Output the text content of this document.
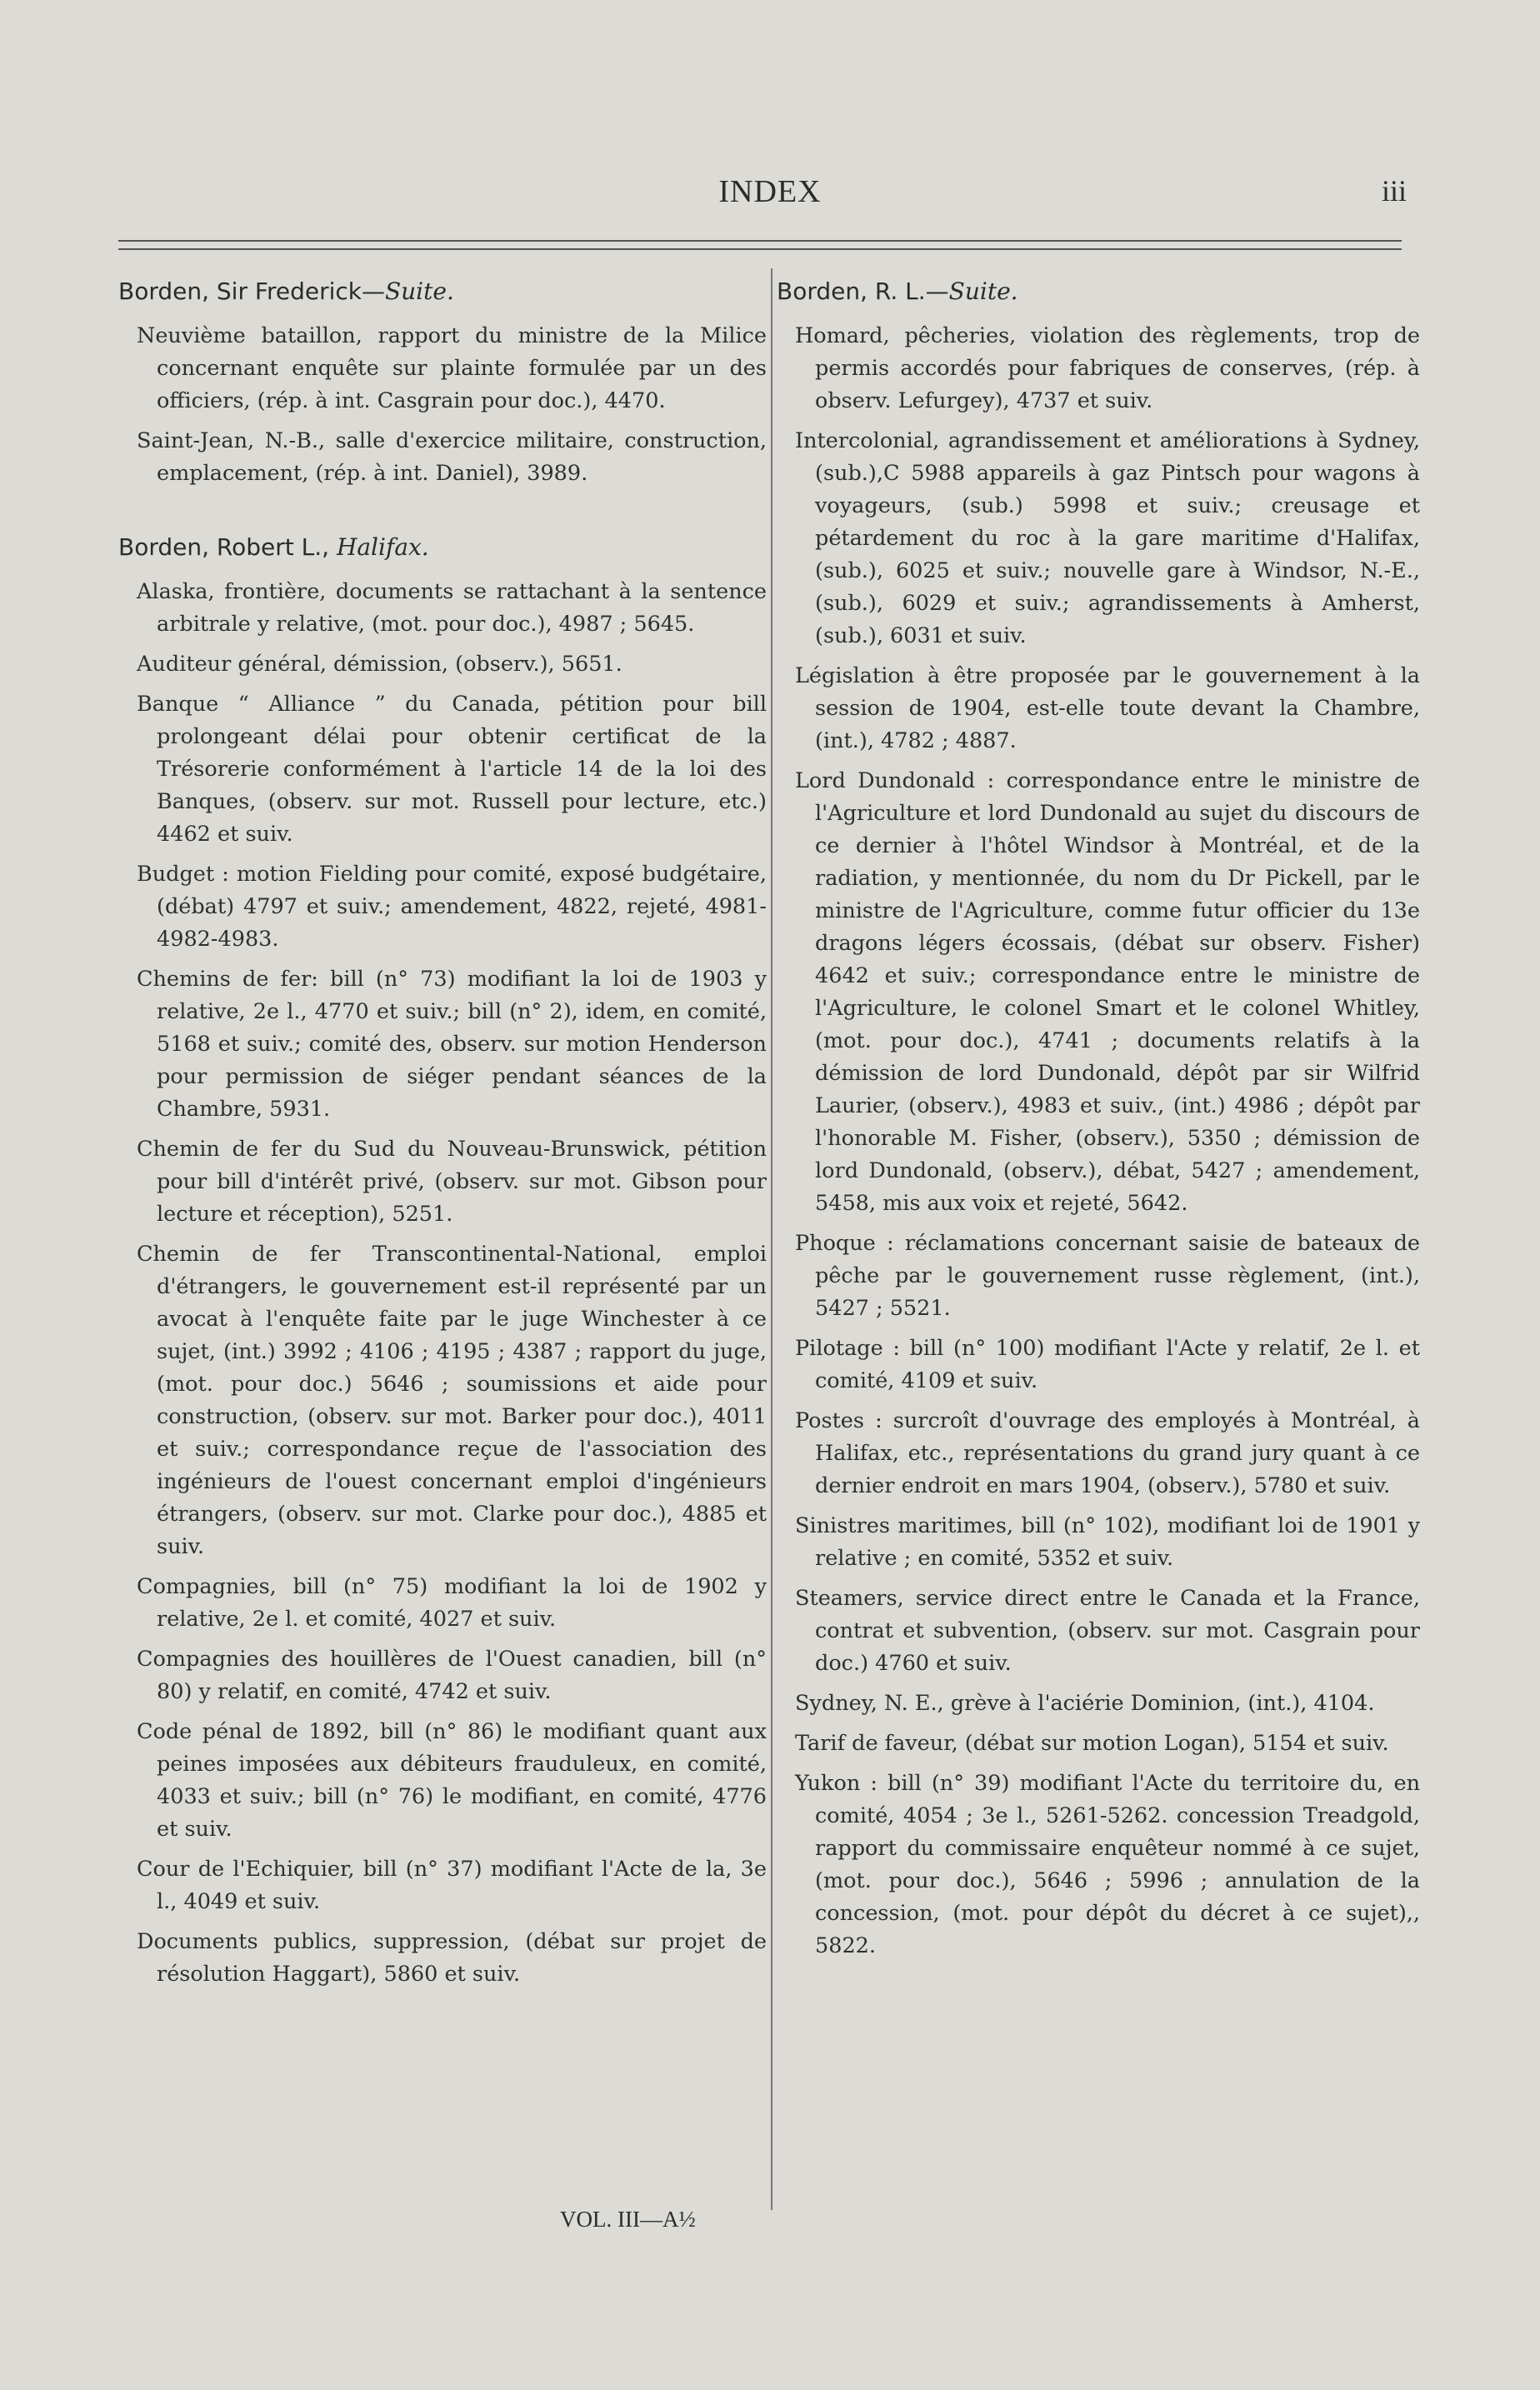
INDEX	iii
Borden, Sir Frederick—Suite.

Neuvième bataillon, rapport du ministre de la Milice concernant enquête sur plainte formulée par un des officiers, (rép. à int. Casgrain pour doc.), 4470.

Saint-Jean, N.-B., salle d'exercice militaire, construction, emplacement, (rép. à int. Daniel), 3989.

Borden, Robert L., Halifax.

Alaska, frontière, documents se rattachant à la sentence arbitrale y relative, (mot. pour doc.), 4987 ; 5645.

Auditeur général, démission, (observ.), 5651.

Banque “ Alliance ” du Canada, pétition pour bill prolongeant délai pour obtenir certificat de la Trésorerie conformément à l'article 14 de la loi des Banques, (observ. sur mot. Russell pour lecture, etc.) 4462 et suiv.

Budget : motion Fielding pour comité, exposé budgétaire, (débat) 4797 et suiv.; amendement, 4822, rejeté, 4981-4982-4983.

Chemins de fer: bill (n° 73) modifiant la loi de 1903 y relative, 2e l., 4770 et suiv.; bill (n° 2), idem, en comité, 5168 et suiv.; comité des, observ. sur motion Henderson pour permission de siéger pendant séances de la Chambre, 5931.

Chemin de fer du Sud du Nouveau-Brunswick, pétition pour bill d'intérêt privé, (observ. sur mot. Gibson pour lecture et réception), 5251.

Chemin de fer Transcontinental-National, emploi d'étrangers, le gouvernement est-il représenté par un avocat à l'enquête faite par le juge Winchester à ce sujet, (int.) 3992 ; 4106 ; 4195 ; 4387 ; rapport du juge, (mot. pour doc.) 5646 ; soumissions et aide pour construction, (observ. sur mot. Barker pour doc.), 4011 et suiv.; correspondance reçue de l'association des ingénieurs de l'ouest concernant emploi d'ingénieurs étrangers, (observ. sur mot. Clarke pour doc.), 4885 et suiv.

Compagnies, bill (n° 75) modifiant la loi de 1902 y relative, 2e l. et comité, 4027 et suiv.

Compagnies des houillères de l'Ouest canadien, bill (n° 80) y relatif, en comité, 4742 et suiv.

Code pénal de 1892, bill (n° 86) le modifiant quant aux peines imposées aux débiteurs frauduleux, en comité, 4033 et suiv.; bill (n° 76) le modifiant, en comité, 4776 et suiv.

Cour de l'Echiquier, bill (n° 37) modifiant l'Acte de la, 3e l., 4049 et suiv.

Documents publics, suppression, (débat sur projet de résolution Haggart), 5860 et suiv.

Borden, R. L.—Suite.

Homard, pêcheries, violation des règlements, trop de permis accordés pour fabriques de conserves, (rép. à observ. Lefurgey), 4737 et suiv.

Intercolonial, agrandissement et améliorations à Sydney, (sub.),C 5988 appareils à gaz Pintsch pour wagons à voyageurs, (sub.) 5998 et suiv.; creusage et pétardement du roc à la gare maritime d'Halifax, (sub.), 6025 et suiv.; nouvelle gare à Windsor, N.-E., (sub.), 6029 et suiv.; agrandissements à Amherst, (sub.), 6031 et suiv.

Législation à être proposée par le gouvernement à la session de 1904, est-elle toute devant la Chambre, (int.), 4782 ; 4887.

Lord Dundonald : correspondance entre le ministre de l'Agriculture et lord Dundonald au sujet du discours de ce dernier à l'hôtel Windsor à Montréal, et de la radiation, y mentionnée, du nom du Dr Pickell, par le ministre de l'Agriculture, comme futur officier du 13e dragons légers écossais, (débat sur observ. Fisher) 4642 et suiv.; correspondance entre le ministre de l'Agriculture, le colonel Smart et le colonel Whitley, (mot. pour doc.), 4741 ; documents relatifs à la démission de lord Dundonald, dépôt par sir Wilfrid Laurier, (observ.), 4983 et suiv., (int.) 4986 ; dépôt par l'honorable M. Fisher, (observ.), 5350 ; démission de lord Dundonald, (observ.), débat, 5427 ; amendement, 5458, mis aux voix et rejeté, 5642.

Phoque : réclamations concernant saisie de bateaux de pêche par le gouvernement russe règlement, (int.), 5427 ; 5521.

Pilotage : bill (n° 100) modifiant l'Acte y relatif, 2e l. et comité, 4109 et suiv.

Postes : surcroît d'ouvrage des employés à Montréal, à Halifax, etc., représentations du grand jury quant à ce dernier endroit en mars 1904, (observ.), 5780 et suiv.

Sinistres maritimes, bill (n° 102), modifiant loi de 1901 y relative ; en comité, 5352 et suiv.

Steamers, service direct entre le Canada et la France, contrat et subvention, (observ. sur mot. Casgrain pour doc.) 4760 et suiv.

Sydney, N. E., grève à l'aciérie Dominion, (int.), 4104.

Tarif de faveur, (débat sur motion Logan), 5154 et suiv.

Yukon : bill (n° 39) modifiant l'Acte du territoire du, en comité, 4054 ; 3e l., 5261-5262. concession Treadgold, rapport du commissaire enquêteur nommé à ce sujet, (mot. pour doc.), 5646 ; 5996 ; annulation de la concession, (mot. pour dépôt du décret à ce sujet),, 5822.

VOL. III—A½
